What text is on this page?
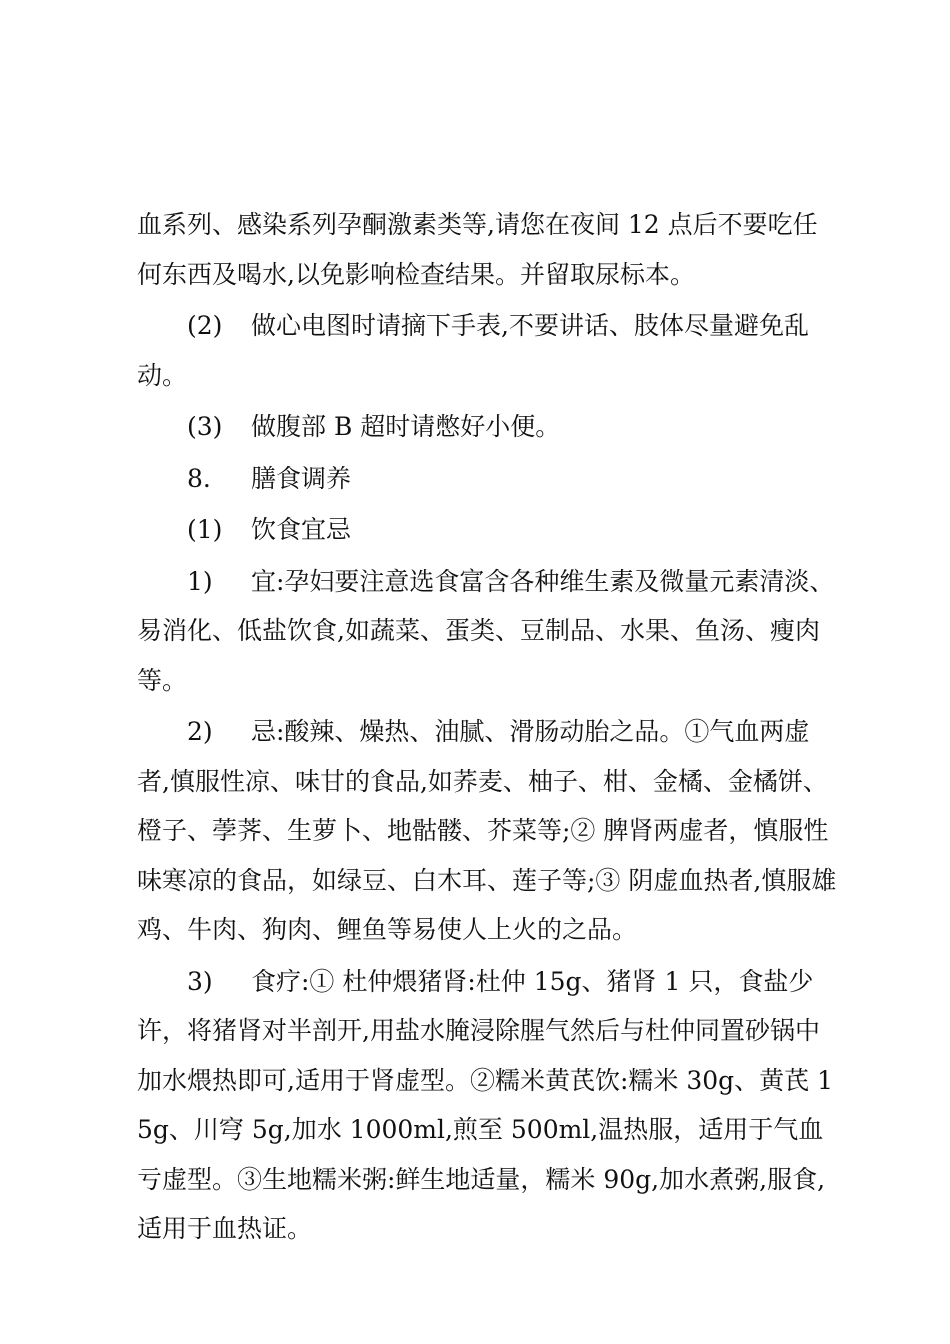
血系列、感染系列孕酮激素类等,请您在夜间 12 点后不要吃任何东西及喝水,以免影响检查结果。并留取尿标本。

(2) 做心电图时请摘下手表,不要讲话、肢体尽量避免乱动。

(3) 做腹部 B 超时请憋好小便。

8. 膳食调养

(1) 饮食宜忌

1) 宜:孕妇要注意选食富含各种维生素及微量元素清淡、易消化、低盐饮食,如蔬菜、蛋类、豆制品、水果、鱼汤、瘦肉等。

2) 忌:酸辣、燥热、油腻、滑肠动胎之品。①气血两虚者,慎服性凉、味甘的食品,如荞麦、柚子、柑、金橘、金橘饼、橙子、荸荠、生萝卜、地骷髅、芥菜等;② 脾肾两虚者，慎服性味寒凉的食品，如绿豆、白木耳、莲子等;③ 阴虚血热者,慎服雄鸡、牛肉、狗肉、鲤鱼等易使人上火的之品。

3) 食疗:① 杜仲煨猪肾:杜仲 15g、猪肾 1 只，食盐少许，将猪肾对半剖开,用盐水腌浸除腥气然后与杜仲同置砂锅中加水煨热即可,适用于肾虚型。②糯米黄芪饮:糯米 30g、黄芪 15g、川穹 5g,加水 1000ml,煎至 500ml,温热服，适用于气血亏虚型。③生地糯米粥:鲜生地适量，糯米 90g,加水煮粥,服食,适用于血热证。
